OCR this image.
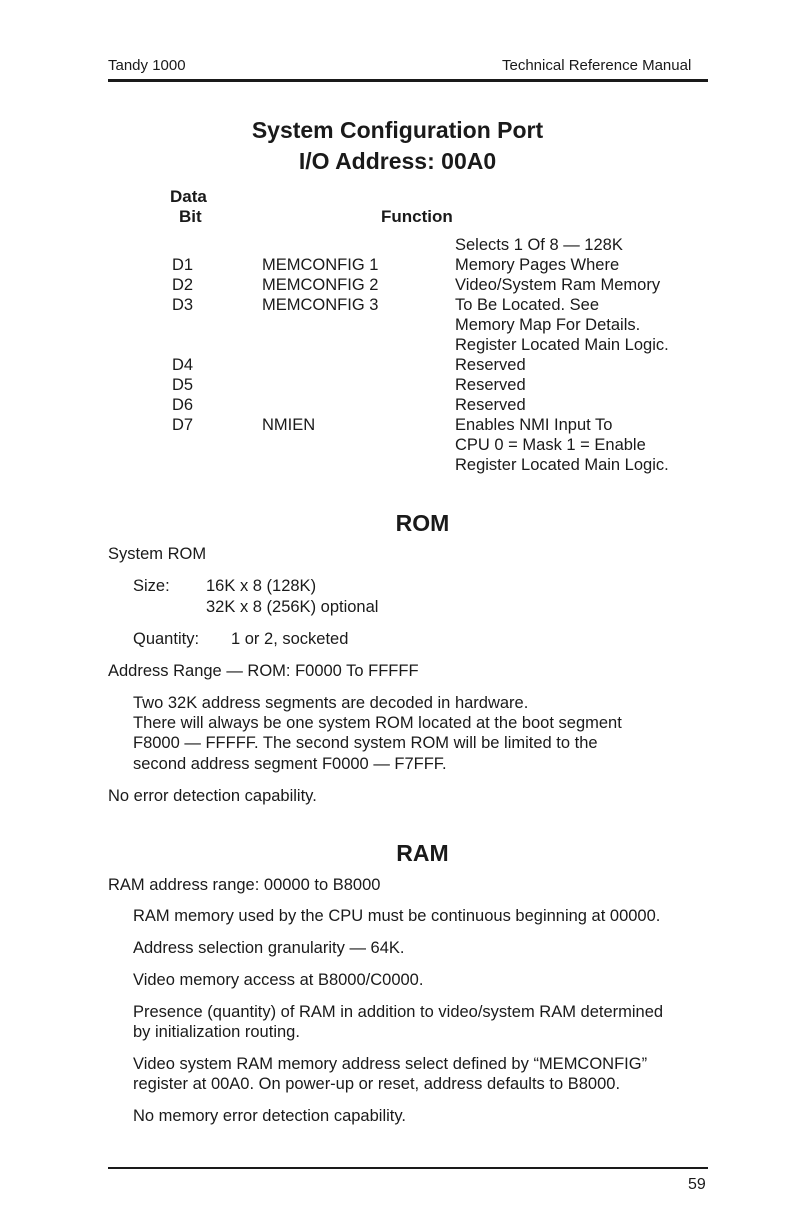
Tandy 1000	Technical Reference Manual
System Configuration Port
I/O Address: 00A0
Data
Bit	Function
D1
D2
D3
D4
D5
D6
D7
MEMCONFIG 1
MEMCONFIG 2
MEMCONFIG 3
NMIEN
Selects 1 Of 8 — 128K
Memory Pages Where
Video/System Ram Memory
To Be Located. See
Memory Map For Details.
Register Located Main Logic.
Reserved
Reserved
Reserved
Enables NMI Input To
CPU 0 = Mask 1 = Enable
Register Located Main Logic.
ROM
System ROM
Size: 16K x 8 (128K)
32K x 8 (256K) optional
Quantity: 1 or 2, socketed
Address Range — ROM: F0000 To FFFFF
Two 32K address segments are decoded in hardware.
There will always be one system ROM located at the boot segment
F8000 — FFFFF. The second system ROM will be limited to the
second address segment F0000 — F7FFF.
No error detection capability.
RAM
RAM address range: 00000 to B8000
RAM memory used by the CPU must be continuous beginning at 00000.
Address selection granularity — 64K.
Video memory access at B8000/C0000.
Presence (quantity) of RAM in addition to video/system RAM determined
by initialization routing.
Video system RAM memory address select defined by “MEMCONFIG”
register at 00A0. On power-up or reset, address defaults to B8000.
No memory error detection capability.
59
